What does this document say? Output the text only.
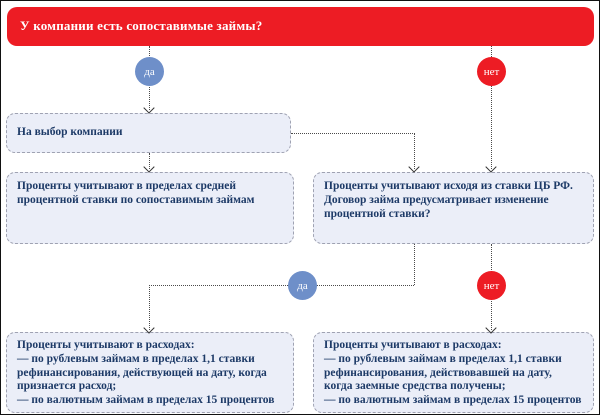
У компании есть сопоставимые займы?
да	нет
да	нет

На выбор компании

Проценты учитывают в пределах средней процентной ставки по сопоставимым займам

Проценты учитывают исходя из ставки ЦБ РФ. Договор займа предусматривает изменение процентной ставки?

Проценты учитывают в расходах:

— по рублевым займам в пределах 1,1 ставки рефинансирования, действующей на дату, когда признается расход;

— по валютным займам в пределах 15 процентов

Проценты учитывают в расходах:

— по рублевым займам в пределах 1,1 ставки рефинансирования, действовавшей на дату, когда заемные средства получены;

— по валютным займам в пределах 15 процентов
